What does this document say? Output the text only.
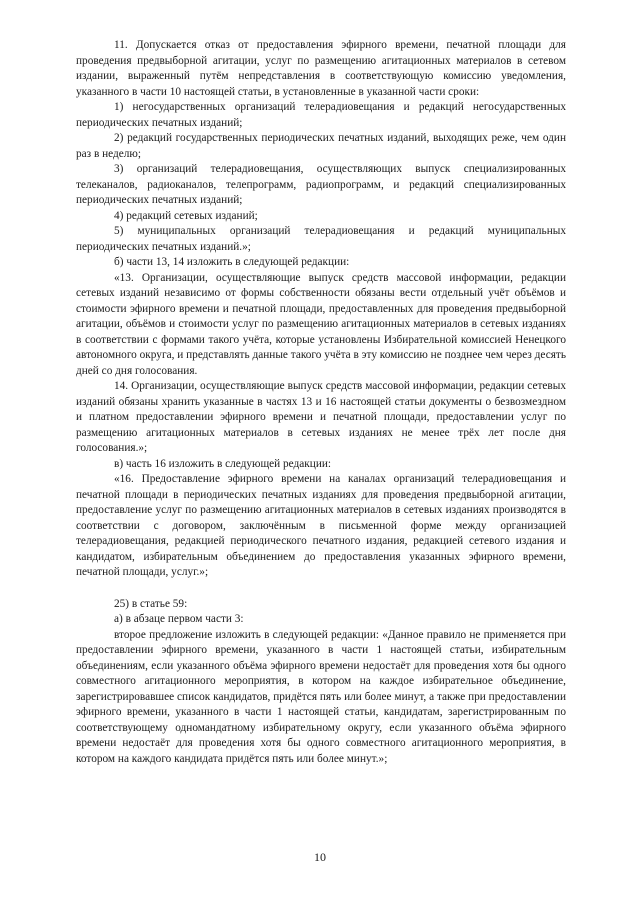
11. Допускается отказ от предоставления эфирного времени, печатной площади для проведения предвыборной агитации, услуг по размещению агитационных материалов в сетевом издании, выраженный путём непредставления в соответствующую комиссию уведомления, указанного в части 10 настоящей статьи, в установленные в указанной части сроки:

1) негосударственных организаций телерадиовещания и редакций негосударственных периодических печатных изданий;

2) редакций государственных периодических печатных изданий, выходящих реже, чем один раз в неделю;

3) организаций телерадиовещания, осуществляющих выпуск специализированных телеканалов, радиоканалов, телепрограмм, радиопрограмм, и редакций специализированных периодических печатных изданий;

4) редакций сетевых изданий;

5) муниципальных организаций телерадиовещания и редакций муниципальных периодических печатных изданий.»;

б) части 13, 14 изложить в следующей редакции:

«13. Организации, осуществляющие выпуск средств массовой информации, редакции сетевых изданий независимо от формы собственности обязаны вести отдельный учёт объёмов и стоимости эфирного времени и печатной площади, предоставленных для проведения предвыборной агитации, объёмов и стоимости услуг по размещению агитационных материалов в сетевых изданиях в соответствии с формами такого учёта, которые установлены Избирательной комиссией Ненецкого автономного округа, и представлять данные такого учёта в эту комиссию не позднее чем через десять дней со дня голосования.

14. Организации, осуществляющие выпуск средств массовой информации, редакции сетевых изданий обязаны хранить указанные в частях 13 и 16 настоящей статьи документы о безвозмездном и платном предоставлении эфирного времени и печатной площади, предоставлении услуг по размещению агитационных материалов в сетевых изданиях не менее трёх лет после дня голосования.»;

в) часть 16 изложить в следующей редакции:

«16. Предоставление эфирного времени на каналах организаций телерадиовещания и печатной площади в периодических печатных изданиях для проведения предвыборной агитации, предоставление услуг по размещению агитационных материалов в сетевых изданиях производятся в соответствии с договором, заключённым в письменной форме между организацией телерадиовещания, редакцией периодического печатного издания, редакцией сетевого издания и кандидатом, избирательным объединением до предоставления указанных эфирного времени, печатной площади, услуг.»;

25) в статье 59:

а) в абзаце первом части 3:

второе предложение изложить в следующей редакции: «Данное правило не применяется при предоставлении эфирного времени, указанного в части 1 настоящей статьи, избирательным объединениям, если указанного объёма эфирного времени недостаёт для проведения хотя бы одного совместного агитационного мероприятия, в котором на каждое избирательное объединение, зарегистрировавшее список кандидатов, придётся пять или более минут, а также при предоставлении эфирного времени, указанного в части 1 настоящей статьи, кандидатам, зарегистрированным по соответствующему одномандатному избирательному округу, если указанного объёма эфирного времени недостаёт для проведения хотя бы одного совместного агитационного мероприятия, в котором на каждого кандидата придётся пять или более минут.»;

10
